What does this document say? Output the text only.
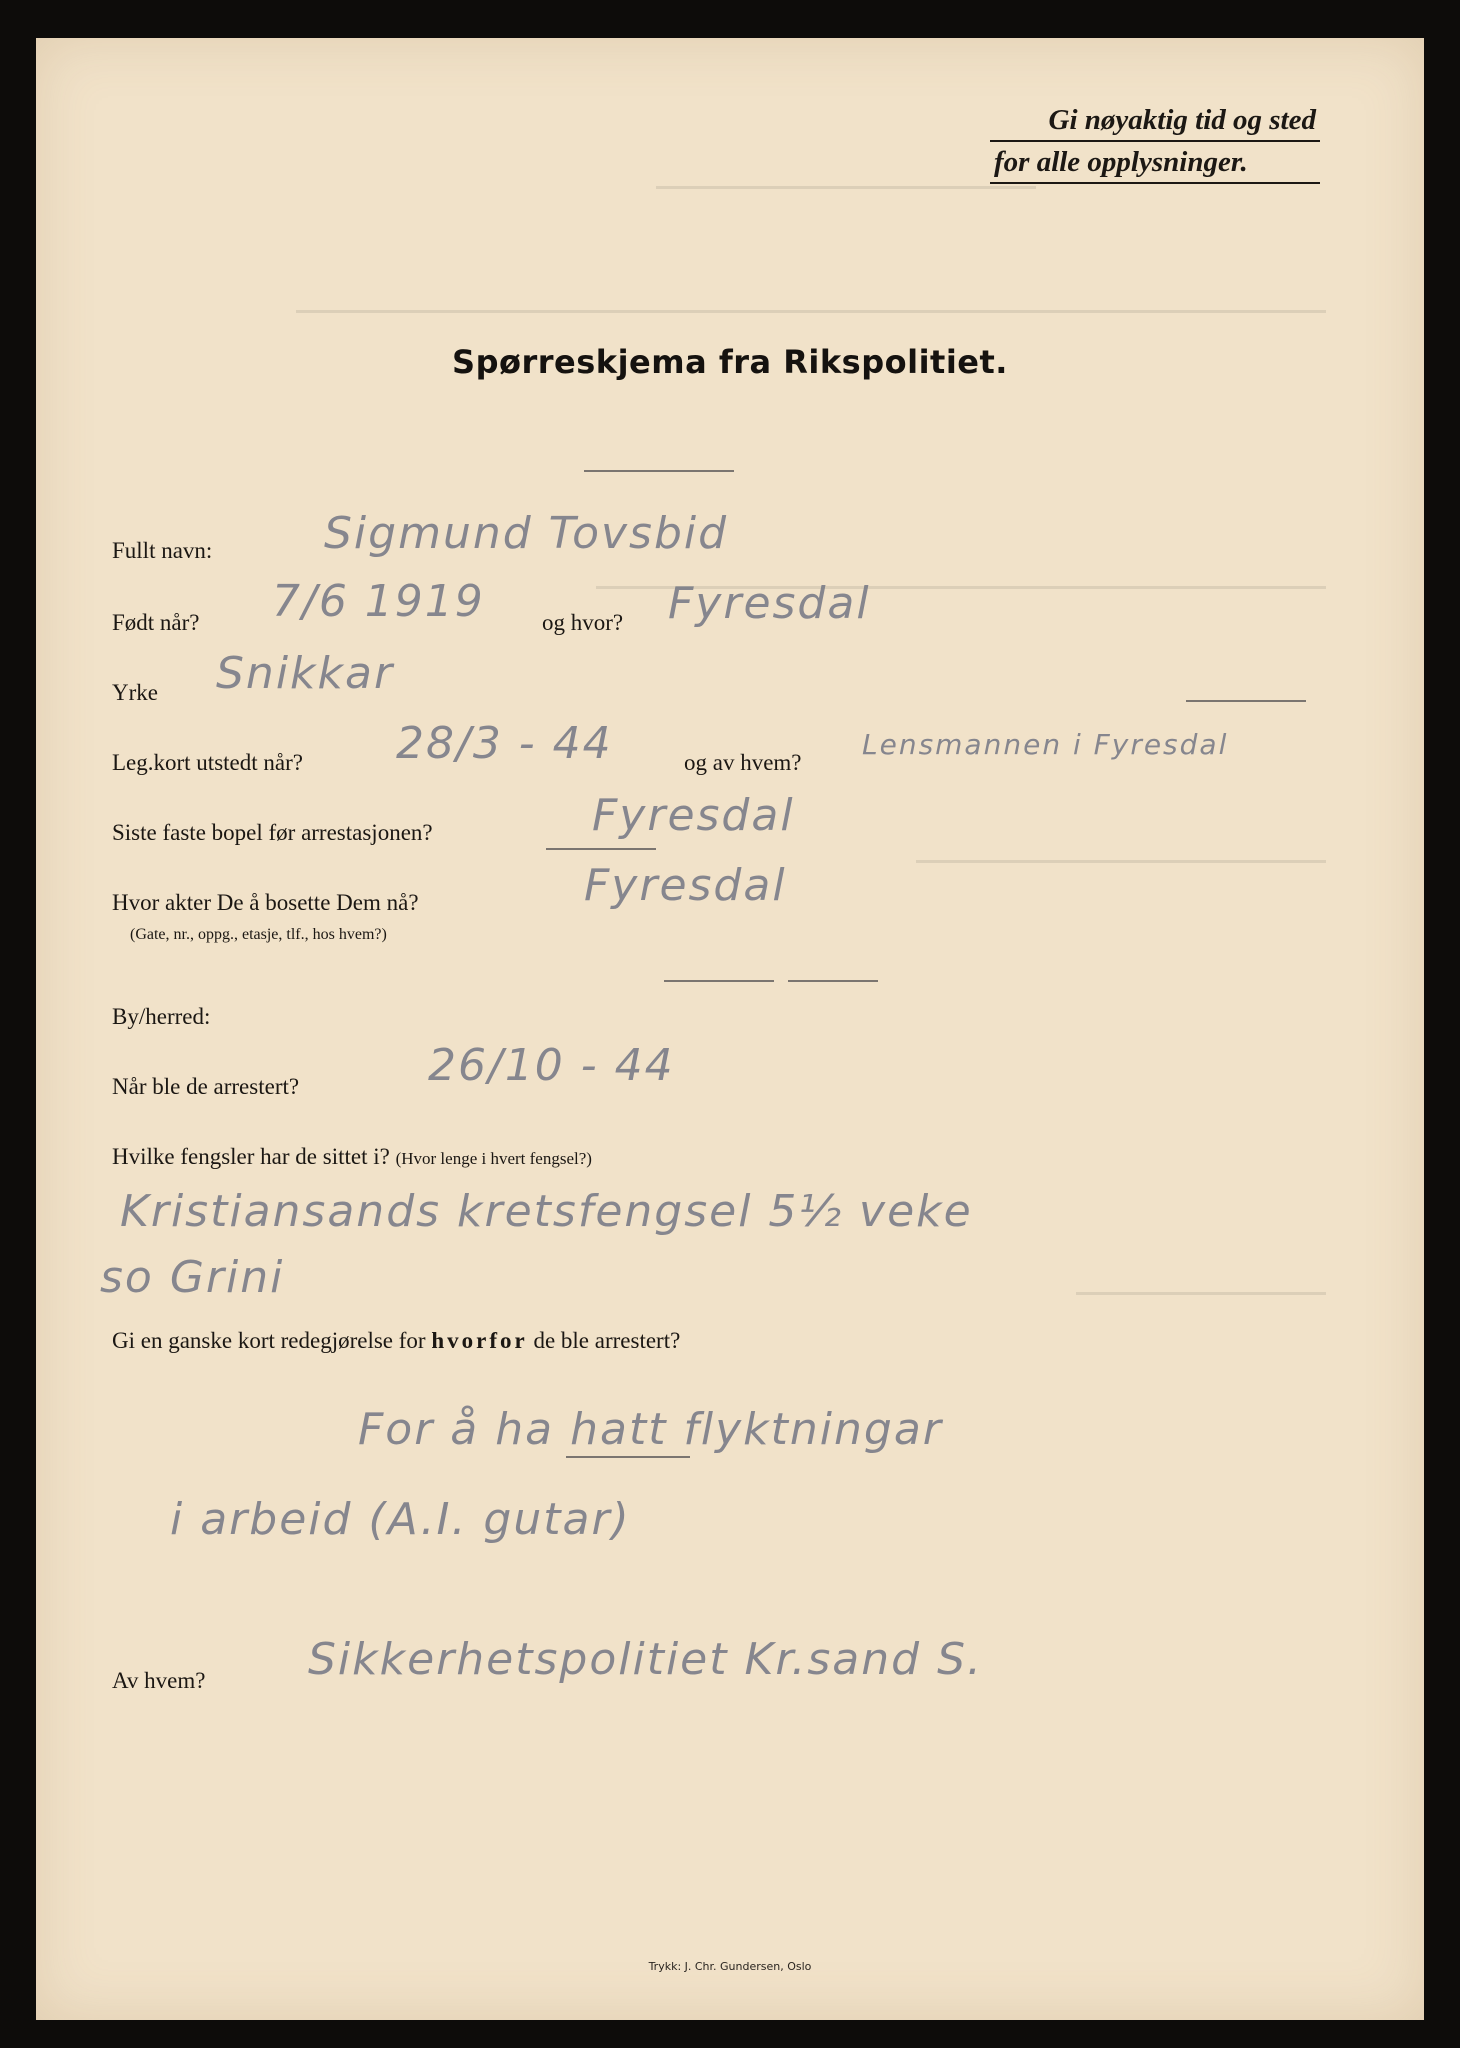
Gi nøyaktig tid og sted
for alle opplysninger.
Spørreskjema fra Rikspolitiet.
Fullt navn:	Sigmund Tovsbid
Født når? 7/6 1919 og hvor? Fyresdal
Yrke Snikkar
Leg.kort utstedt når? 28/3 - 44	og av hvem?
Lensmannen i Fyresdal
Siste faste bopel før arrestasjonen?	Fyresdal
Hvor akter De å bosette Dem nå?
(Gate, nr., oppg., etasje, tlf., hos hvem?)
Fyresdal
By/herred:
Når ble de arrestert?	26/10 - 44
Hvilke fengsler har de sittet i? (Hvor lenge i hvert fengsel?)
Kristiansands kretsfengsel 5½ veke
so Grini
Gi en ganske kort redegjørelse for hvorfor de ble arrestert?
For å ha hatt flyktningar
i arbeid (A.I. gutar)
Av hvem? Sikkerhetspolitiet Kr.sand S.
Trykk: J. Chr. Gundersen, Oslo
